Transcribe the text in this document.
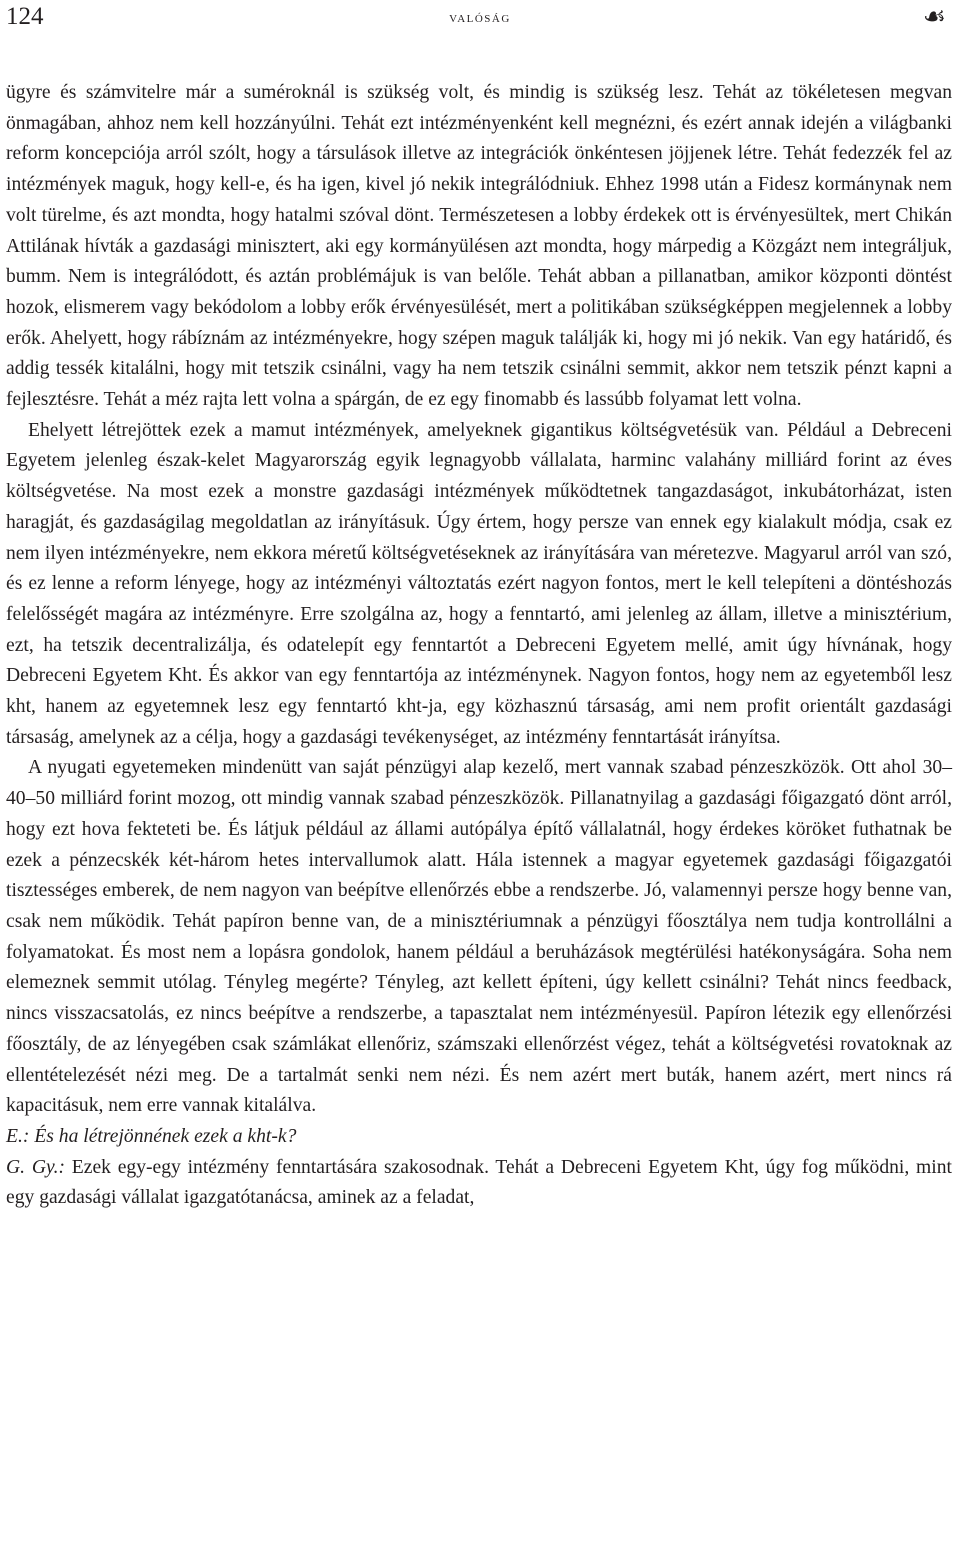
124	valóság	☙

ügyre és számvitelre már a suméroknál is szükség volt, és mindig is szükség lesz. Tehát az tökéletesen megvan önmagában, ahhoz nem kell hozzányúlni. Tehát ezt intézményenként kell megnézni, és ezért annak idején a világbanki reform koncepciója arról szólt, hogy a társulások illetve az integrációk önkéntesen jöjjenek létre. Tehát fedezzék fel az intézmények maguk, hogy kell-e, és ha igen, kivel jó nekik integrálódniuk. Ehhez 1998 után a Fidesz kormánynak nem volt türelme, és azt mondta, hogy hatalmi szóval dönt. Természetesen a lobby érdekek ott is érvényesültek, mert Chikán Attilának hívták a gazdasági minisztert, aki egy kormányülésen azt mondta, hogy márpedig a Közgázt nem integráljuk, bumm. Nem is integrálódott, és aztán problémájuk is van belőle. Tehát abban a pillanatban, amikor központi döntést hozok, elismerem vagy bekódolom a lobby erők érvényesülését, mert a politikában szükségképpen megjelennek a lobby erők. Ahelyett, hogy rábíznám az intézményekre, hogy szépen maguk találják ki, hogy mi jó nekik. Van egy határidő, és addig tessék kitalálni, hogy mit tetszik csinálni, vagy ha nem tetszik csinálni semmit, akkor nem tetszik pénzt kapni a fejlesztésre. Tehát a méz rajta lett volna a spárgán, de ez egy finomabb és lassúbb folyamat lett volna.

Ehelyett létrejöttek ezek a mamut intézmények, amelyeknek gigantikus költségvetésük van. Például a Debreceni Egyetem jelenleg észak-kelet Magyarország egyik legnagyobb vállalata, harminc valahány milliárd forint az éves költségvetése. Na most ezek a monstre gazdasági intézmények működtetnek tangazdaságot, inkubátorházat, isten haragját, és gazdaságilag megoldatlan az irányításuk. Úgy értem, hogy persze van ennek egy kialakult módja, csak ez nem ilyen intézményekre, nem ekkora méretű költségvetéseknek az irányítására van méretezve. Magyarul arról van szó, és ez lenne a reform lényege, hogy az intézményi változtatás ezért nagyon fontos, mert le kell telepíteni a döntéshozás felelősségét magára az intézményre. Erre szolgálna az, hogy a fenntartó, ami jelenleg az állam, illetve a minisztérium, ezt, ha tetszik decentralizálja, és odatelepít egy fenntartót a Debreceni Egyetem mellé, amit úgy hívnának, hogy Debreceni Egyetem Kht. És akkor van egy fenntartója az intézménynek. Nagyon fontos, hogy nem az egyetemből lesz kht, hanem az egyetemnek lesz egy fenntartó kht-ja, egy közhasznú társaság, ami nem profit orientált gazdasági társaság, amelynek az a célja, hogy a gazdasági tevékenységet, az intézmény fenntartását irányítsa.

A nyugati egyetemeken mindenütt van saját pénzügyi alap kezelő, mert vannak szabad pénzeszközök. Ott ahol 30–40–50 milliárd forint mozog, ott mindig vannak szabad pénzeszközök. Pillanatnyilag a gazdasági főigazgató dönt arról, hogy ezt hova fekteteti be. És látjuk például az állami autópálya építő vállalatnál, hogy érdekes köröket futhatnak be ezek a pénzecskék két-három hetes intervallumok alatt. Hála istennek a magyar egyetemek gazdasági főigazgatói tisztességes emberek, de nem nagyon van beépítve ellenőrzés ebbe a rendszerbe. Jó, valamennyi persze hogy benne van, csak nem működik. Tehát papíron benne van, de a minisztériumnak a pénzügyi főosztálya nem tudja kontrollálni a folyamatokat. És most nem a lopásra gondolok, hanem például a beruházások megtérülési hatékonyságára. Soha nem elemeznek semmit utólag. Tényleg megérte? Tényleg, azt kellett építeni, úgy kellett csinálni? Tehát nincs feedback, nincs visszacsatolás, ez nincs beépítve a rendszerbe, a tapasztalat nem intézményesül. Papíron létezik egy ellenőrzési főosztály, de az lényegében csak számlákat ellenőriz, számszaki ellenőrzést végez, tehát a költségvetési rovatoknak az ellentételezését nézi meg. De a tartalmát senki nem nézi. És nem azért mert buták, hanem azért, mert nincs rá kapacitásuk, nem erre vannak kitalálva.

E.: És ha létrejönnének ezek a kht-k?

G. Gy.: Ezek egy-egy intézmény fenntartására szakosodnak. Tehát a Debreceni Egyetem Kht, úgy fog működni, mint egy gazdasági vállalat igazgatótanácsa, aminek az a feladat,
